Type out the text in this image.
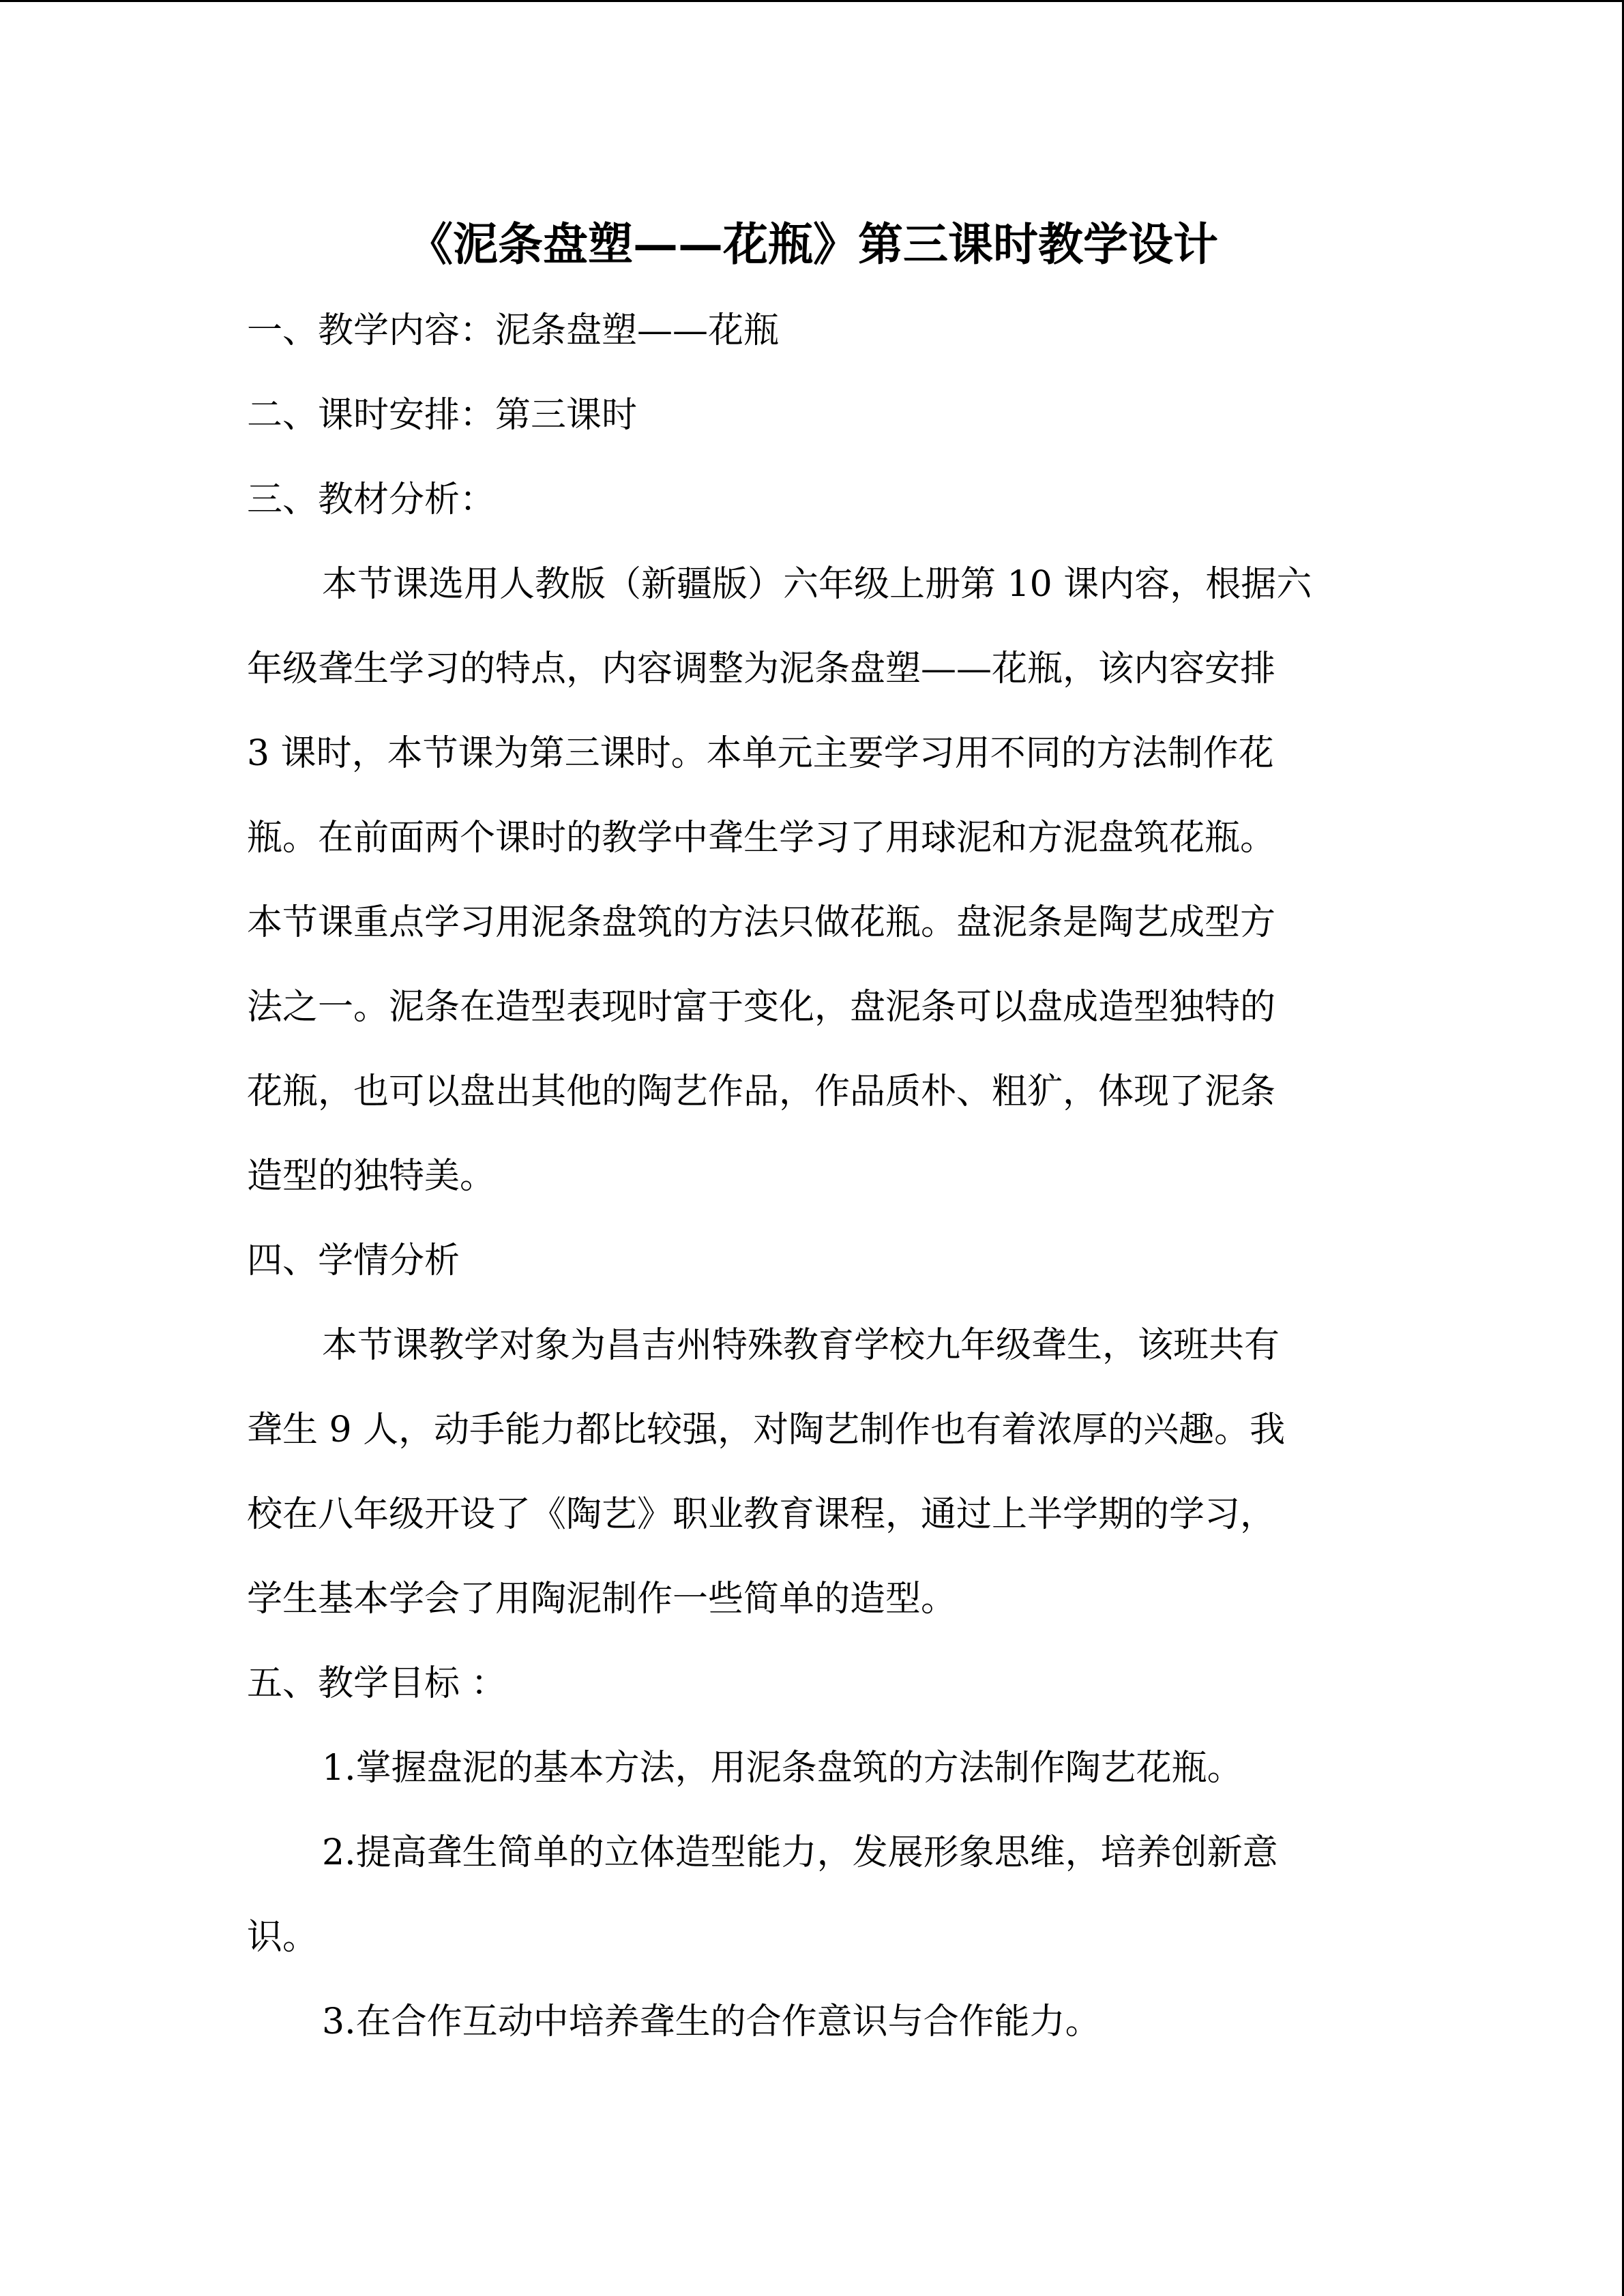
《泥条盘塑——花瓶》第三课时教学设计

一、教学内容：泥条盘塑——花瓶

二、课时安排：第三课时

三、教材分析：

本节课选用人教版（新疆版）六年级上册第 10 课内容，根据六

年级聋生学习的特点，内容调整为泥条盘塑——花瓶，该内容安排

3 课时，本节课为第三课时。本单元主要学习用不同的方法制作花

瓶。在前面两个课时的教学中聋生学习了用球泥和方泥盘筑花瓶。

本节课重点学习用泥条盘筑的方法只做花瓶。盘泥条是陶艺成型方

法之一。泥条在造型表现时富于变化，盘泥条可以盘成造型独特的

花瓶，也可以盘出其他的陶艺作品，作品质朴、粗犷，体现了泥条

造型的独特美。

四、学情分析

本节课教学对象为昌吉州特殊教育学校九年级聋生，该班共有

聋生 9 人，动手能力都比较强，对陶艺制作也有着浓厚的兴趣。我

校在八年级开设了《陶艺》职业教育课程，通过上半学期的学习，

学生基本学会了用陶泥制作一些简单的造型。

五、教学目标 ：

1.掌握盘泥的基本方法，用泥条盘筑的方法制作陶艺花瓶。

2.提高聋生简单的立体造型能力，发展形象思维，培养创新意

识。

3.在合作互动中培养聋生的合作意识与合作能力。
